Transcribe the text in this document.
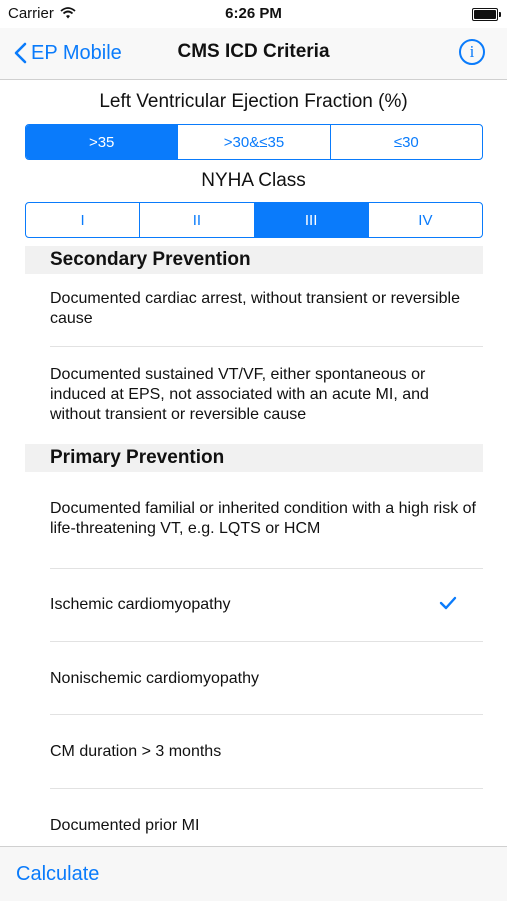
Carrier	6:26 PM
EP Mobile	CMS ICD Criteria	i
Left Ventricular Ejection Fraction (%)
>35	>30&≤35	≤30
NYHA Class
I	II	III	IV
Secondary Prevention
Documented cardiac arrest, without transient or reversible cause
Documented sustained VT/VF, either spontaneous or induced at EPS, not associated with an acute MI, and without transient or reversible cause
Primary Prevention
Documented familial or inherited condition with a high risk of life-threatening VT, e.g. LQTS or HCM
Ischemic cardiomyopathy
Nonischemic cardiomyopathy
CM duration > 3 months
Documented prior MI
Calculate
